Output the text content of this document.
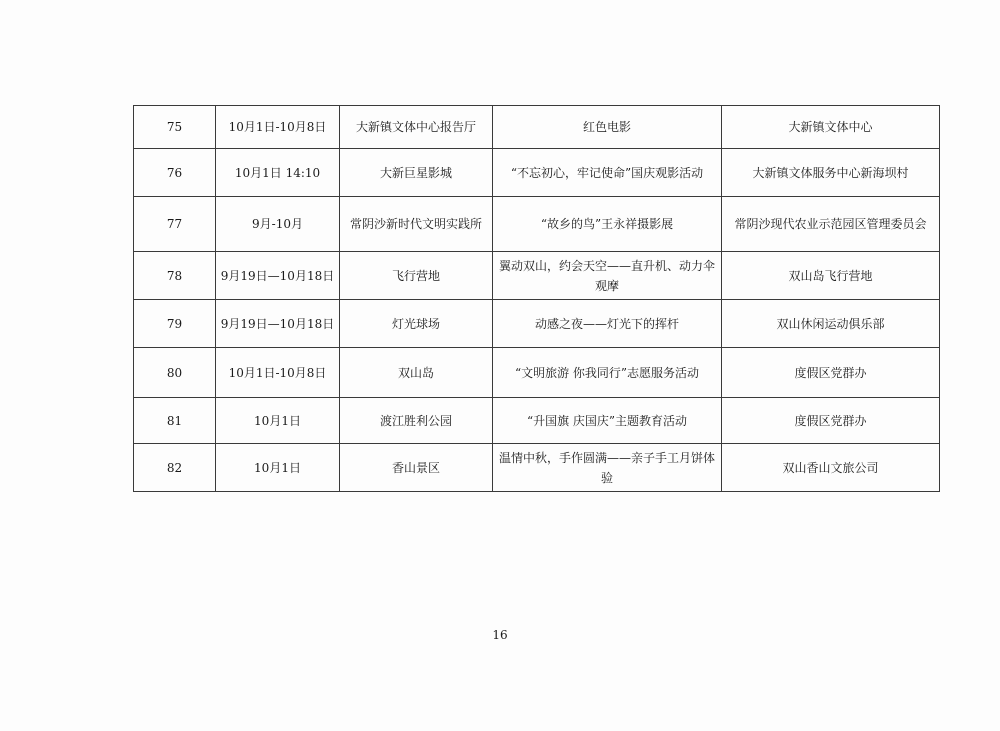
75	10月1日-10月8日	大新镇文体中心报告厅	红色电影	大新镇文体中心
76	10月1日 14:10	大新巨星影城	“不忘初心，牢记使命”国庆观影活动	大新镇文体服务中心新海坝村
77	9月-10月	常阴沙新时代文明实践所	“故乡的鸟”王永祥摄影展	常阴沙现代农业示范园区管理委员会
78	9月19日—10月18日	飞行营地	翼动双山，约会天空——直升机、动力伞观摩	双山岛飞行营地
79	9月19日—10月18日	灯光球场	动感之夜——灯光下的挥杆	双山休闲运动俱乐部
80	10月1日-10月8日	双山岛	“文明旅游 你我同行”志愿服务活动	度假区党群办
81	10月1日	渡江胜利公园	“升国旗 庆国庆”主题教育活动	度假区党群办
82	10月1日	香山景区	温情中秋，手作圆满——亲子手工月饼体验	双山香山文旅公司
16
